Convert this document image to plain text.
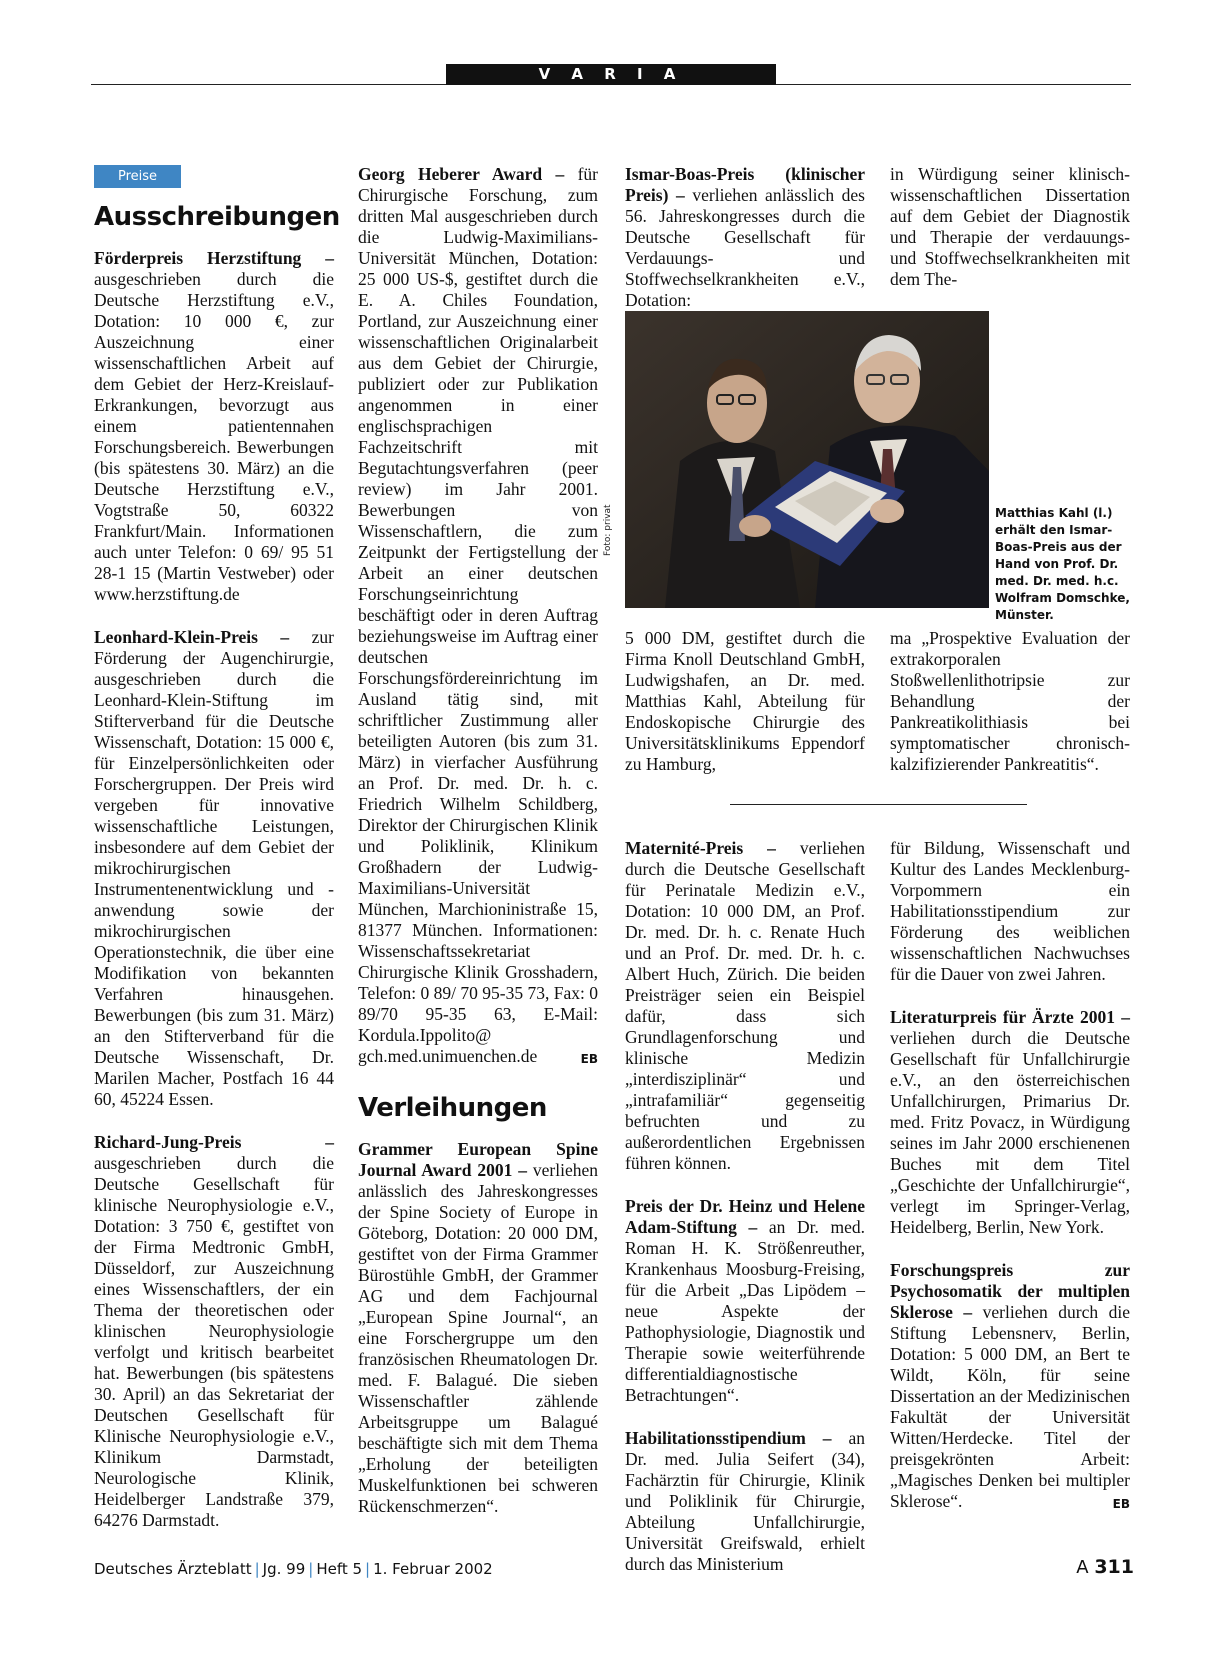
V A R I A
Preise
Ausschreibungen

Förderpreis Herzstiftung – ausgeschrieben durch die Deutsche Herzstiftung e.V., Dotation: 10 000 €, zur Auszeichnung einer wissenschaftlichen Arbeit auf dem Gebiet der Herz-Kreislauf-Erkrankungen, bevorzugt aus einem patientennahen Forschungsbereich. Bewerbungen (bis spätestens 30. März) an die Deutsche Herzstiftung e.V., Vogtstraße 50, 60322 Frankfurt/Main. Informationen auch unter Telefon: 0 69/ 95 51 28-1 15 (Martin Vestweber) oder www.herzstiftung.de

Leonhard-Klein-Preis – zur Förderung der Augenchirurgie, ausgeschrieben durch die Leonhard-Klein-Stiftung im Stifterverband für die Deutsche Wissenschaft, Dotation: 15 000 €, für Einzelpersönlichkeiten oder Forschergruppen. Der Preis wird vergeben für innovative wissenschaftliche Leistungen, insbesondere auf dem Gebiet der mikrochirurgischen Instrumentenentwicklung und -anwendung sowie der mikrochirurgischen Operationstechnik, die über eine Modifikation von bekannten Verfahren hinausgehen. Bewerbungen (bis zum 31. März) an den Stifterverband für die Deutsche Wissenschaft, Dr. Marilen Macher, Postfach 16 44 60, 45224 Essen.

Richard-Jung-Preis – ausgeschrieben durch die Deutsche Gesellschaft für klinische Neurophysiologie e.V., Dotation: 3 750 €, gestiftet von der Firma Medtronic GmbH, Düsseldorf, zur Auszeichnung eines Wissenschaftlers, der ein Thema der theoretischen oder klinischen Neurophysiologie verfolgt und kritisch bearbeitet hat. Bewerbungen (bis spätestens 30. April) an das Sekretariat der Deutschen Gesellschaft für Klinische Neurophysiologie e.V., Klinikum Darmstadt, Neurologische Klinik, Heidelberger Landstraße 379, 64276 Darmstadt.

Georg Heberer Award – für Chirurgische Forschung, zum dritten Mal ausgeschrieben durch die Ludwig-Maximilians-Universität München, Dotation: 25 000 US-$, gestiftet durch die E. A. Chiles Foundation, Portland, zur Auszeichnung einer wissenschaftlichen Originalarbeit aus dem Gebiet der Chirurgie, publiziert oder zur Publikation angenommen in einer englischsprachigen Fachzeitschrift mit Begutachtungsverfahren (peer review) im Jahr 2001. Bewerbungen von Wissenschaftlern, die zum Zeitpunkt der Fertigstellung der Arbeit an einer deutschen Forschungseinrichtung beschäftigt oder in deren Auftrag beziehungsweise im Auftrag einer deutschen Forschungsfördereinrichtung im Ausland tätig sind, mit schriftlicher Zustimmung aller beteiligten Autoren (bis zum 31. März) in vierfacher Ausführung an Prof. Dr. med. Dr. h. c. Friedrich Wilhelm Schildberg, Direktor der Chirurgischen Klinik und Poliklinik, Klinikum Großhadern der Ludwig-Maximilians-Universität München, Marchioninistraße 15, 81377 München. Informationen: Wissenschaftssekretariat Chirurgische Klinik Grosshadern, Telefon: 0 89/ 70 95-35 73, Fax: 0 89/70 95-35 63, E-Mail: Kordula.Ippolito@ gch.med.unimuenchen.de	EB

Verleihungen

Grammer European Spine Journal Award 2001 – verliehen anlässlich des Jahreskongresses der Spine Society of Europe in Göteborg, Dotation: 20 000 DM, gestiftet von der Firma Grammer Bürostühle GmbH, der Grammer AG und dem Fachjournal „European Spine Journal“, an eine Forschergruppe um den französischen Rheumatologen Dr. med. F. Balagué. Die sieben Wissenschaftler zählende Arbeitsgruppe um Balagué beschäftigte sich mit dem Thema „Erholung der beteiligten Muskelfunktionen bei schweren Rückenschmerzen“.

Ismar-Boas-Preis (klinischer Preis) – verliehen anlässlich des 56. Jahreskongresses durch die Deutsche Gesellschaft für Verdauungs- und Stoffwechselkrankheiten e.V., Dotation:

in Würdigung seiner klinisch-wissenschaftlichen Dissertation auf dem Gebiet der Diagnostik und Therapie der verdauungs- und Stoffwechselkrankheiten mit dem The-

Foto: privat	Matthias Kahl (l.) erhält den Ismar-Boas-Preis aus der Hand von Prof. Dr. med. Dr. med. h.c. Wolfram Domschke, Münster.

5 000 DM, gestiftet durch die Firma Knoll Deutschland GmbH, Ludwigshafen, an Dr. med. Matthias Kahl, Abteilung für Endoskopische Chirurgie des Universitätsklinikums Eppendorf zu Hamburg,

ma „Prospektive Evaluation der extrakorporalen Stoßwellenlithotripsie zur Behandlung der Pankreatikolithiasis bei symptomatischer chronisch-kalzifizierender Pankreatitis“.

Maternité-Preis – verliehen durch die Deutsche Gesellschaft für Perinatale Medizin e.V., Dotation: 10 000 DM, an Prof. Dr. med. Dr. h. c. Renate Huch und an Prof. Dr. med. Dr. h. c. Albert Huch, Zürich. Die beiden Preisträger seien ein Beispiel dafür, dass sich Grundlagenforschung und klinische Medizin „interdisziplinär“ und „intrafamiliär“ gegenseitig befruchten und zu außerordentlichen Ergebnissen führen können.

Preis der Dr. Heinz und Helene Adam-Stiftung – an Dr. med. Roman H. K. Strößenreuther, Krankenhaus Moosburg-Freising, für die Arbeit „Das Lipödem – neue Aspekte der Pathophysiologie, Diagnostik und Therapie sowie weiterführende differentialdiagnostische Betrachtungen“.

Habilitationsstipendium – an Dr. med. Julia Seifert (34), Fachärztin für Chirurgie, Klinik und Poliklinik für Chirurgie, Abteilung Unfallchirurgie, Universität Greifswald, erhielt durch das Ministerium

für Bildung, Wissenschaft und Kultur des Landes Mecklenburg-Vorpommern ein Habilitationsstipendium zur Förderung des weiblichen wissenschaftlichen Nachwuchses für die Dauer von zwei Jahren.

Literaturpreis für Ärzte 2001 – verliehen durch die Deutsche Gesellschaft für Unfallchirurgie e.V., an den österreichischen Unfallchirurgen, Primarius Dr. med. Fritz Povacz, in Würdigung seines im Jahr 2000 erschienenen Buches mit dem Titel „Geschichte der Unfallchirurgie“, verlegt im Springer-Verlag, Heidelberg, Berlin, New York.

Forschungspreis zur Psychosomatik der multiplen Sklerose – verliehen durch die Stiftung Lebensnerv, Berlin, Dotation: 5 000 DM, an Bert te Wildt, Köln, für seine Dissertation an der Medizinischen Fakultät der Universität Witten/Herdecke. Titel der preisgekrönten Arbeit: „Magisches Denken bei multipler Sklerose“.	EB

Deutsches Ärzteblatt | Jg. 99 | Heft 5 | 1. Februar 2002	A 311
